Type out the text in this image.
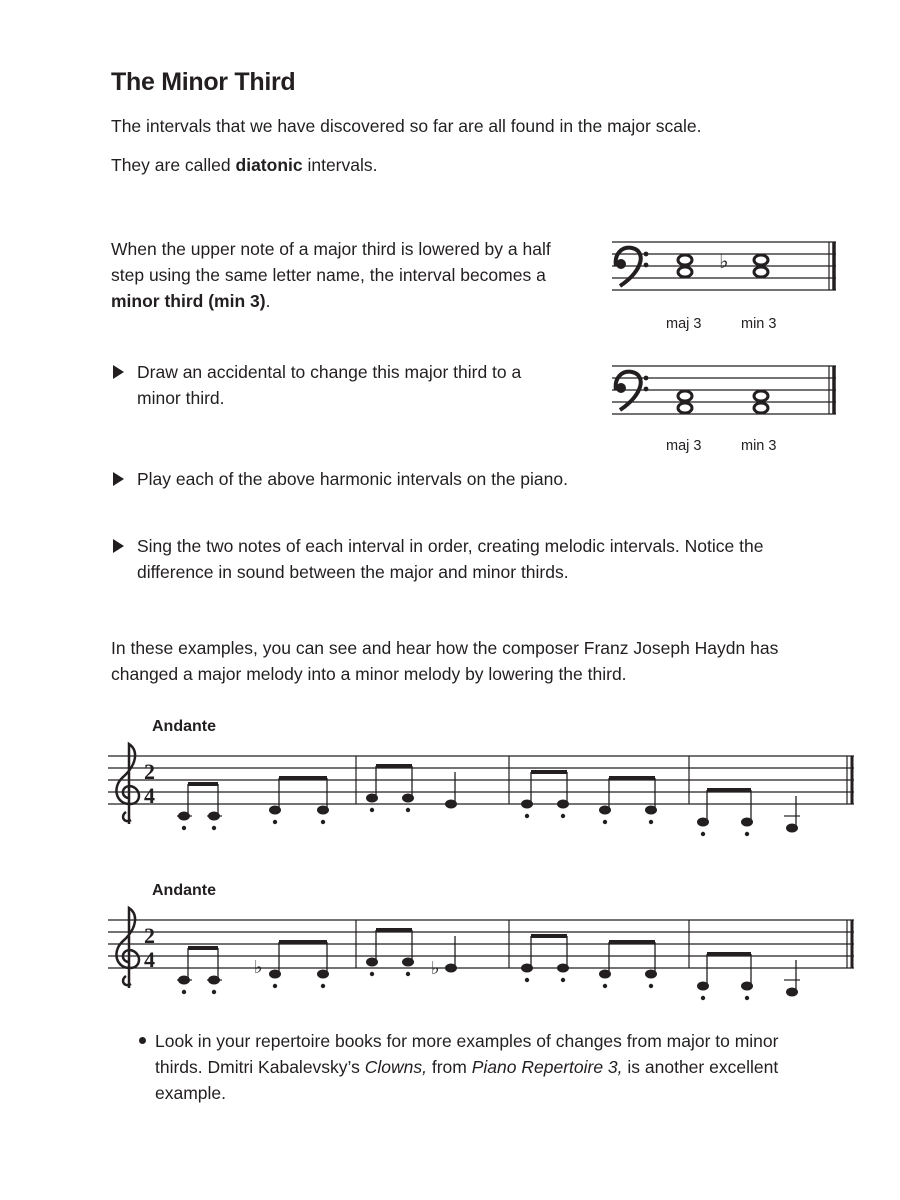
The Minor Third

The intervals that we have discovered so far are all found in the major scale.

They are called diatonic intervals.

When the upper note of a major third is lowered by a half
step using the same letter name, the interval becomes a
minor third (min 3).
♭
maj 3	min 3
Draw an accidental to change this major third to a
minor third.
maj 3	min 3

Play each of the above harmonic intervals on the piano.

Sing the two notes of each interval in order, creating melodic intervals. Notice the
difference in sound between the major and minor thirds.
In these examples, you can see and hear how the composer Franz Joseph Haydn has
changed a major melody into a minor melody by lowering the third.
Andante
2
4
Andante
2
4	♭	♭
Look in your repertoire books for more examples of changes from major to minor
thirds. Dmitri Kabalevsky’s Clowns, from Piano Repertoire 3, is another excellent
example.
